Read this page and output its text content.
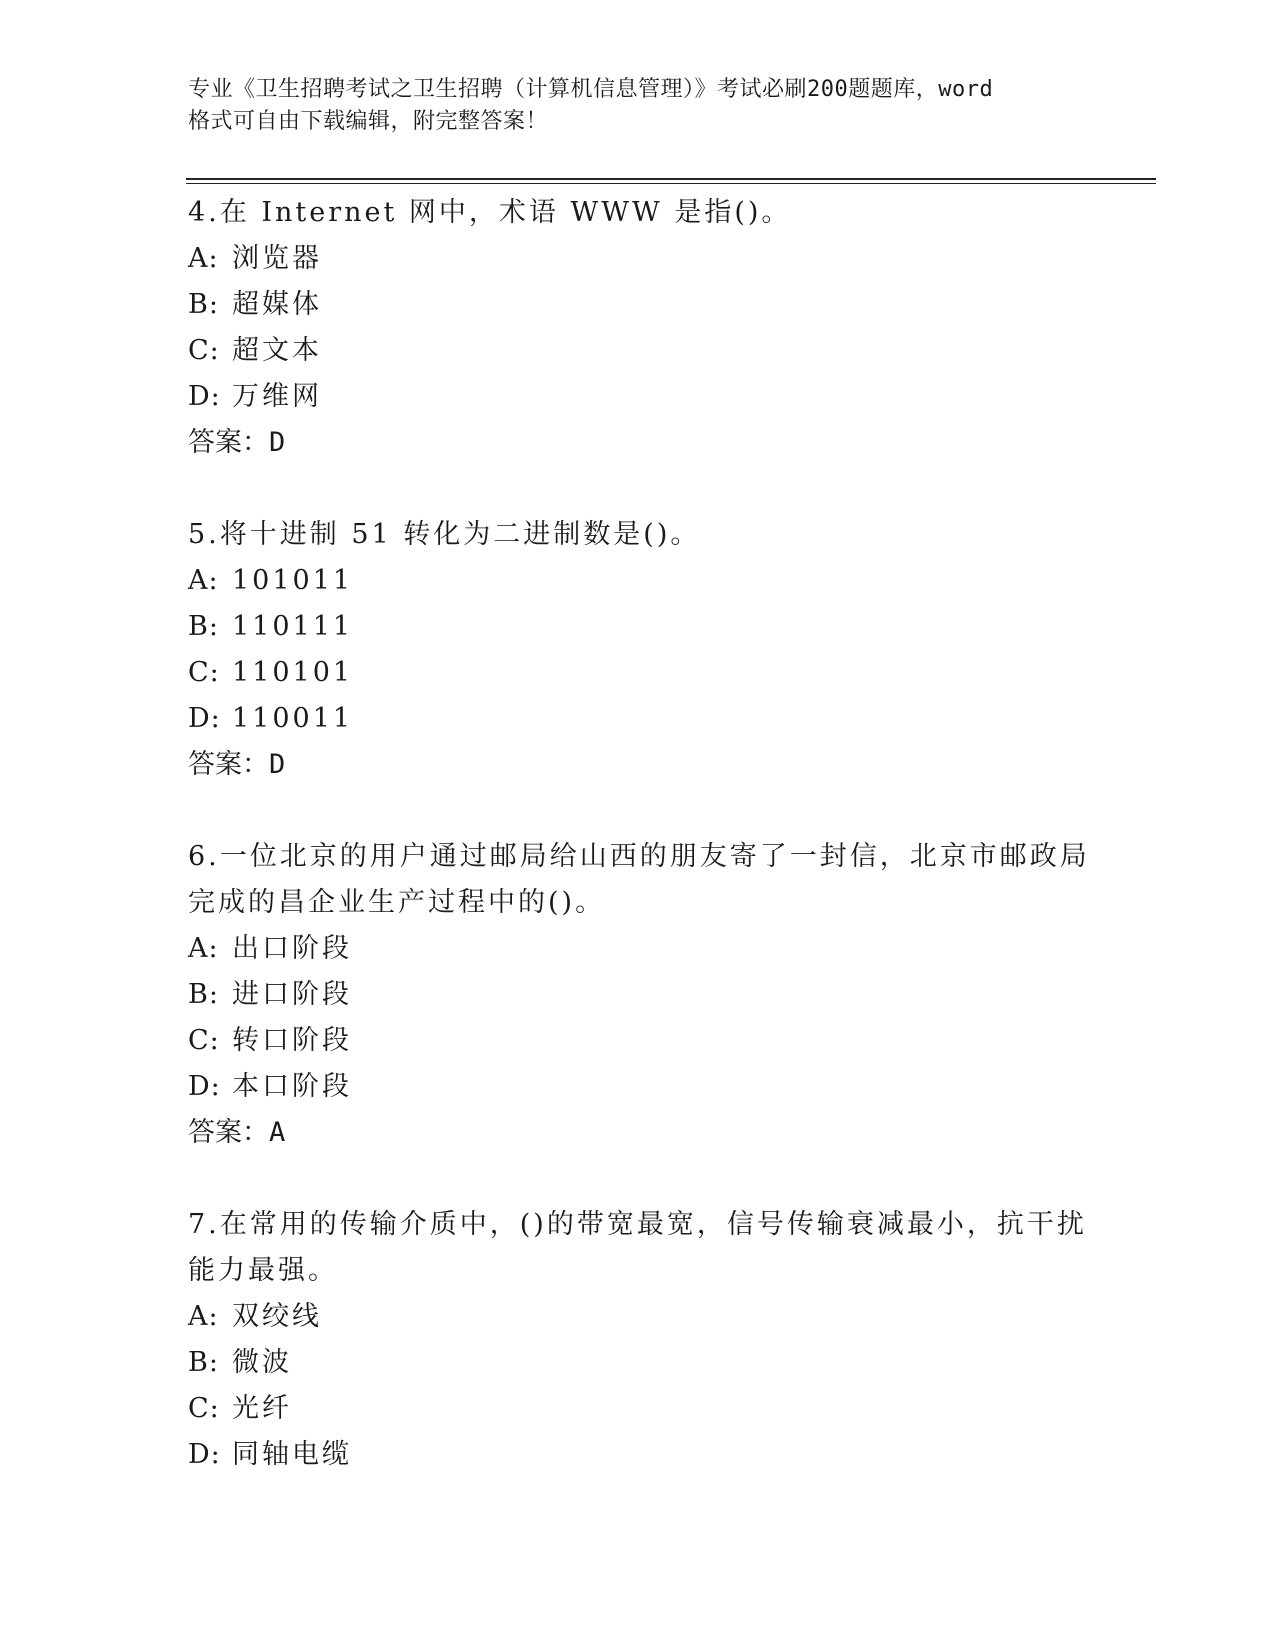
专业《卫生招聘考试之卫生招聘（计算机信息管理）》考试必刷200题题库，word
格式可自由下载编辑，附完整答案！
4.在 Internet 网中，术语 WWW 是指()。
A: 浏览器
B: 超媒体
C: 超文本
D: 万维网
答案：D
5.将十进制 51 转化为二进制数是()。
A: 101011
B: 110111
C: 110101
D: 110011
答案：D
6.一位北京的用户通过邮局给山西的朋友寄了一封信，北京市邮政局
完成的昌企业生产过程中的()。
A: 出口阶段
B: 进口阶段
C: 转口阶段
D: 本口阶段
答案：A
7.在常用的传输介质中，()的带宽最宽，信号传输衰减最小，抗干扰
能力最强。
A: 双绞线
B: 微波
C: 光纤
D: 同轴电缆
